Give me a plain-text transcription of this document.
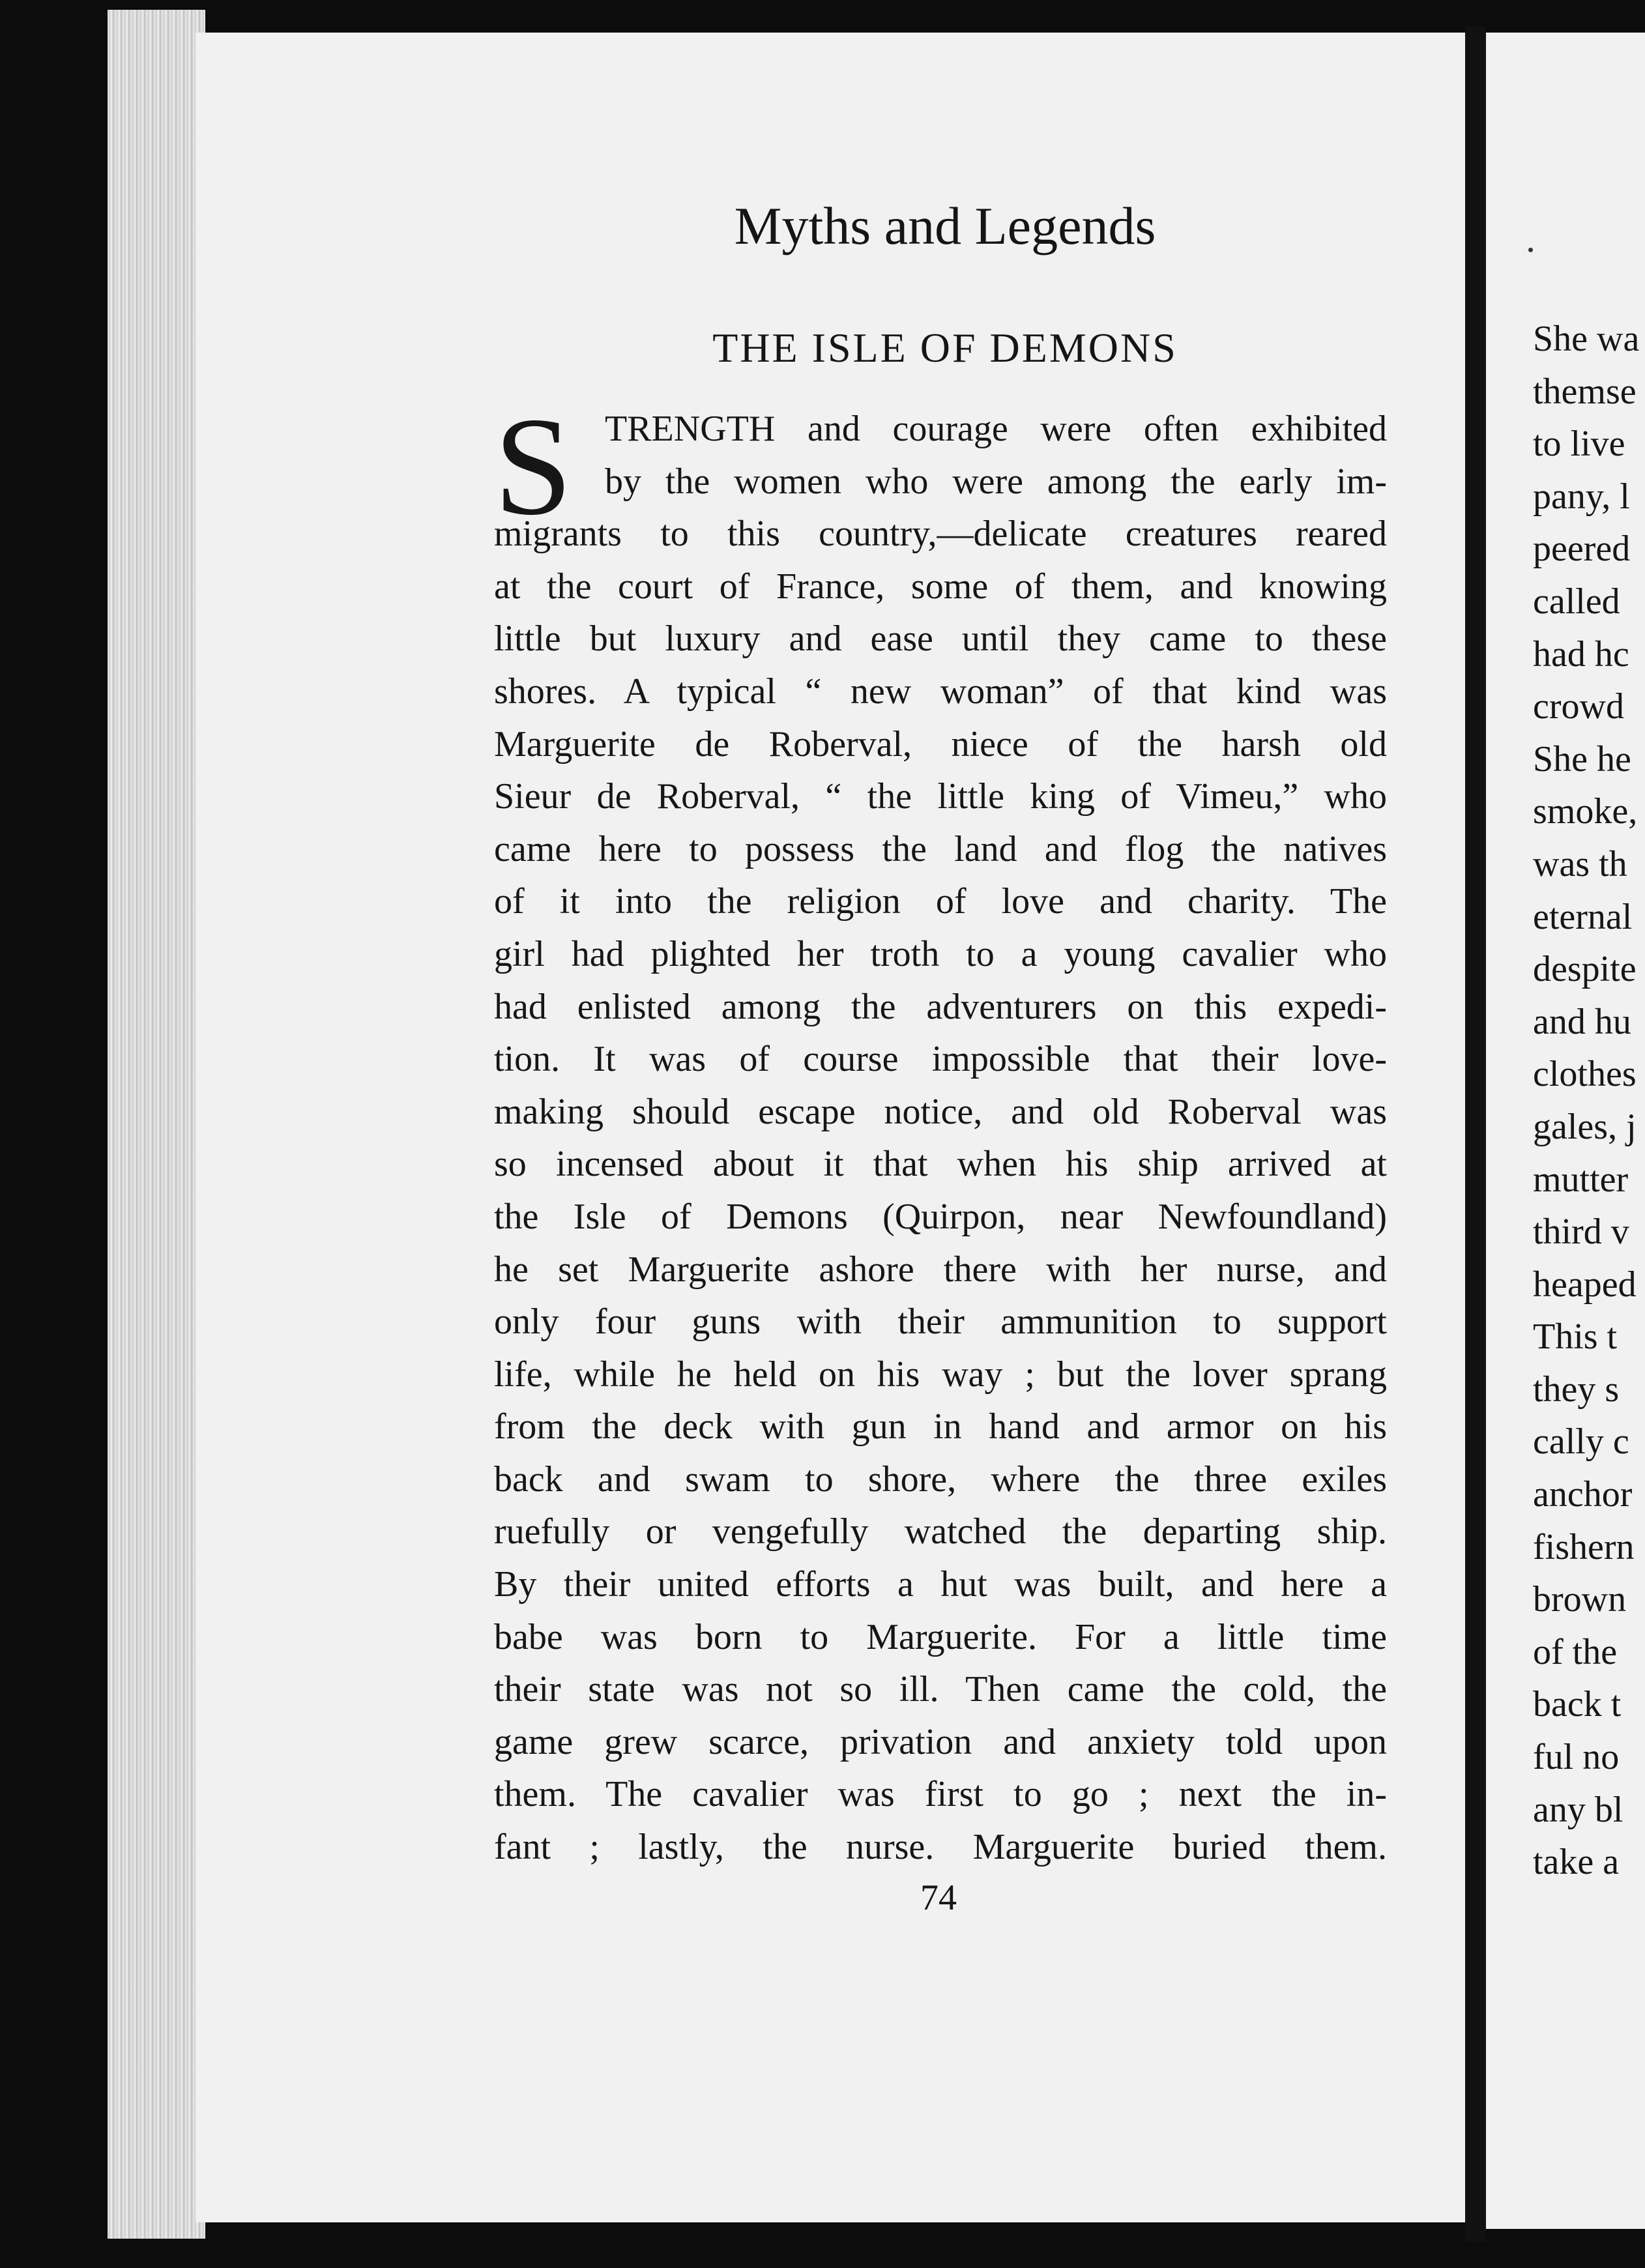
Myths and Legends
THE ISLE OF DEMONS
S TRENGTH and courage were often exhibited
by the women who were among the early im-
migrants to this country,—delicate creatures reared
at the court of France, some of them, and knowing
little but luxury and ease until they came to these
shores. A typical “ new woman” of that kind was
Marguerite de Roberval, niece of the harsh old
Sieur de Roberval, “ the little king of Vimeu,” who
came here to possess the land and flog the natives
of it into the religion of love and charity. The
girl had plighted her troth to a young cavalier who
had enlisted among the adventurers on this expedi-
tion. It was of course impossible that their love-
making should escape notice, and old Roberval was
so incensed about it that when his ship arrived at
the Isle of Demons (Quirpon, near Newfoundland)
he set Marguerite ashore there with her nurse, and
only four guns with their ammunition to support
life, while he held on his way ; but the lover sprang
from the deck with gun in hand and armor on his
back and swam to shore, where the three exiles
ruefully or vengefully watched the departing ship.
By their united efforts a hut was built, and here a
babe was born to Marguerite. For a little time
their state was not so ill. Then came the cold, the
game grew scarce, privation and anxiety told upon
them. The cavalier was first to go ; next the in-
fant ; lastly, the nurse. Marguerite buried them.
74
She wa
themse
to live
pany, l
peered
called
had hc
crowd
She he
smoke,
was th
eternal
despite
and hu
clothes
gales, j
mutter
third v
heaped
This t
they s
cally c
anchor
fishern
brown
of the
back t
ful no
any bl
take a
